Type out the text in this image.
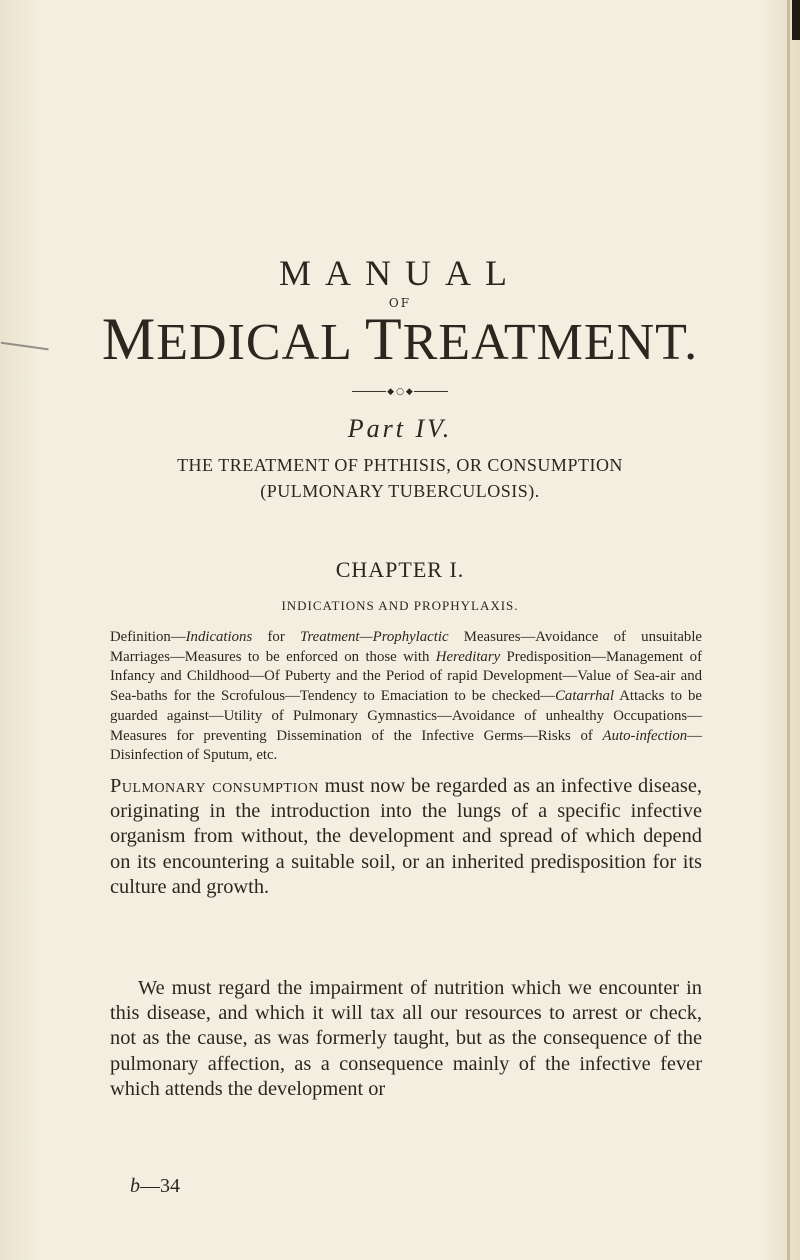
MANUAL
OF
MEDICAL TREATMENT.
◆ ○ ◆
Part IV.
THE TREATMENT OF PHTHISIS, OR CONSUMPTION
(PULMONARY TUBERCULOSIS).
CHAPTER I.
INDICATIONS AND PROPHYLAXIS.
Definition—Indications for Treatment—Prophylactic Measures—Avoidance of unsuitable Marriages—Measures to be enforced on those with Hereditary Predisposition—Management of Infancy and Childhood—Of Puberty and the Period of rapid Development—Value of Sea-air and Sea-baths for the Scrofulous—Tendency to Emaciation to be checked—Catarrhal Attacks to be guarded against—Utility of Pulmonary Gymnastics—Avoidance of unhealthy Occupations—Measures for preventing Dissemination of the Infective Germs—Risks of Auto-infection—Disinfection of Sputum, etc.
Pulmonary consumption must now be regarded as an infective disease, originating in the introduction into the lungs of a specific infective organism from without, the development and spread of which depend on its encountering a suitable soil, or an inherited predisposition for its culture and growth.
We must regard the impairment of nutrition which we encounter in this disease, and which it will tax all our resources to arrest or check, not as the cause, as was formerly taught, but as the consequence of the pulmonary affection, as a consequence mainly of the infective fever which attends the development or
b—34
